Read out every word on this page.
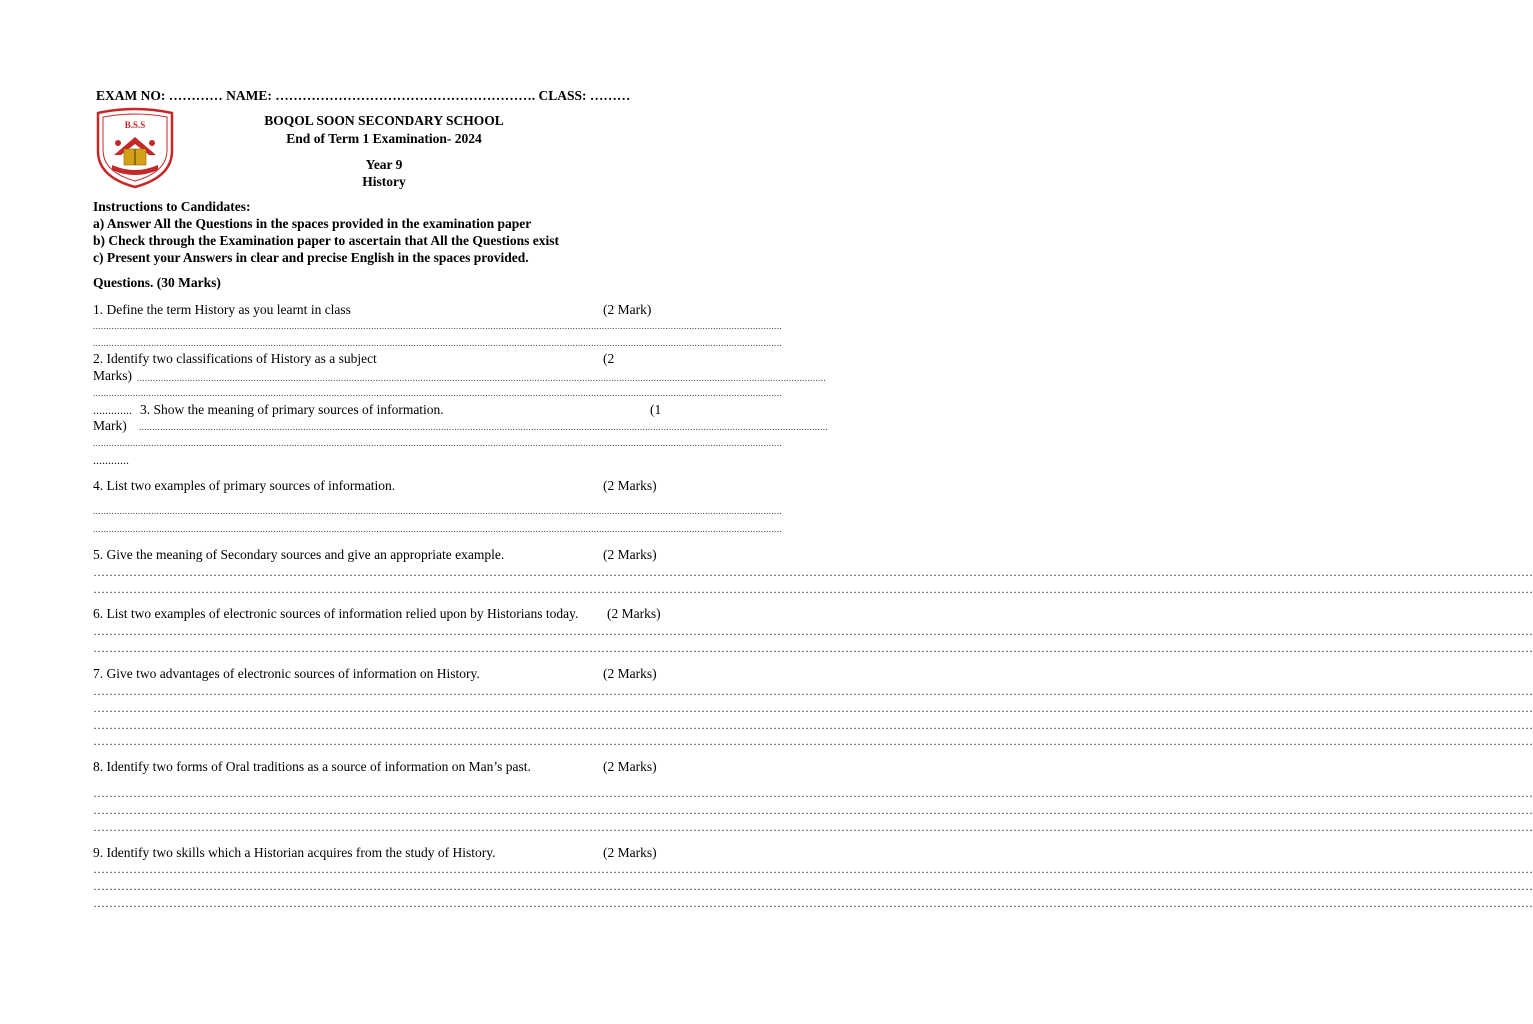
EXAM NO: ………… NAME: …………………………………………………. CLASS: ………
B.S.S	BOQOL SOON SECONDARY SCHOOL
End of Term 1 Examination- 2024
Year 9
History
Instructions to Candidates:
a) Answer All the Questions in the spaces provided in the examination paper
b) Check through the Examination paper to ascertain that All the Questions exist
c) Present your Answers in clear and precise English in the spaces provided.
Questions. (30 Marks)
1. Define the term History as you learnt in class	(2 Mark)
....................................................................................................................................................................................................................................................................
....................................................................................................................................................................................................................................................................
2. Identify two classifications of History as a subject	(2
Marks) ....................................................................................................................................................................................................................................................................
....................................................................................................................................................................................................................................................................
............. 3. Show the meaning of primary sources of information.	(1
Mark) ....................................................................................................................................................................................................................................................................
....................................................................................................................................................................................................................................................................
............
4. List two examples of primary sources of information.	(2 Marks)
....................................................................................................................................................................................................................................................................
....................................................................................................................................................................................................................................................................
5. Give the meaning of Secondary sources and give an appropriate example.	(2 Marks)
………………………………………………………………………………………………………………………………………………………………………………………………………………………………………………………………………………………………………………………………
………………………………………………………………………………………………………………………………………………………………………………………………………………………………………………………………………………………………………………………………
6. List two examples of electronic sources of information relied upon by Historians today. (2 Marks)
………………………………………………………………………………………………………………………………………………………………………………………………………………………………………………………………………………………………………………………………
………………………………………………………………………………………………………………………………………………………………………………………………………………………………………………………………………………………………………………………………
7. Give two advantages of electronic sources of information on History.	(2 Marks)
………………………………………………………………………………………………………………………………………………………………………………………………………………………………………………………………………………………………………………………………
………………………………………………………………………………………………………………………………………………………………………………………………………………………………………………………………………………………………………………………………
………………………………………………………………………………………………………………………………………………………………………………………………………………………………………………………………………………………………………………………………
………………………………………………………………………………………………………………………………………………………………………………………………………………………………………………………………………………………………………………………………
8. Identify two forms of Oral traditions as a source of information on Man’s past.	(2 Marks)
………………………………………………………………………………………………………………………………………………………………………………………………………………………………………………………………………………………………………………………………
………………………………………………………………………………………………………………………………………………………………………………………………………………………………………………………………………………………………………………………………
………………………………………………………………………………………………………………………………………………………………………………………………………………………………………………………………………………………………………………………………
9. Identify two skills which a Historian acquires from the study of History.	(2 Marks)
………………………………………………………………………………………………………………………………………………………………………………………………………………………………………………………………………………………………………………………………
………………………………………………………………………………………………………………………………………………………………………………………………………………………………………………………………………………………………………………………………
………………………………………………………………………………………………………………………………………………………………………………………………………………………………………………………………………………………………………………………………
